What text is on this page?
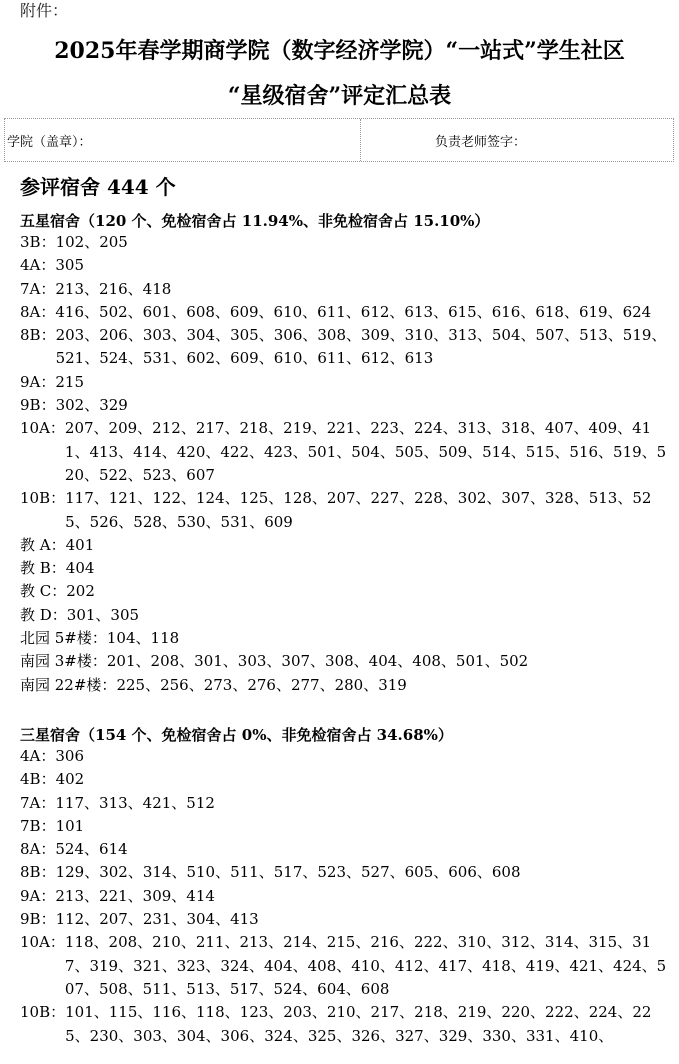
附件：
2025年春学期商学院（数字经济学院）“一站式”学生社区
“星级宿舍”评定汇总表
学院（盖章）：	负责老师签字：
参评宿舍 444 个
五星宿舍（120 个、免检宿舍占 11.94%、非免检宿舍占 15.10%）
3B： 102、205
4A： 305
7A： 213、216、418
8A： 416、502、601、608、609、610、611、612、613、615、616、618、619、624
8B： 203、206、303、304、305、306、308、309、310、313、504、507、513、519、521、524、531、602、609、610、611、612、613
9A： 215
9B： 302、329
10A： 207、209、212、217、218、219、221、223、224、313、318、407、409、411、413、414、420、422、423、501、504、505、509、514、515、516、519、520、522、523、607
10B： 117、121、122、124、125、128、207、227、228、302、307、328、513、525、526、528、530、531、609
教 A： 401
教 B： 404
教 C： 202
教 D： 301、305
北园 5#楼： 104、118
南园 3#楼： 201、208、301、303、307、308、404、408、501、502
南园 22#楼： 225、256、273、276、277、280、319
三星宿舍（154 个、免检宿舍占 0%、非免检宿舍占 34.68%）
4A： 306
4B： 402
7A： 117、313、421、512
7B： 101
8A： 524、614
8B： 129、302、314、510、511、517、523、527、605、606、608
9A： 213、221、309、414
9B： 112、207、231、304、413
10A： 118、208、210、211、213、214、215、216、222、310、312、314、315、317、319、321、323、324、404、408、410、412、417、418、419、421、424、507、508、511、513、517、524、604、608
10B： 101、115、116、118、123、203、210、217、218、219、220、222、224、225、230、303、304、306、324、325、326、327、329、330、331、410、
